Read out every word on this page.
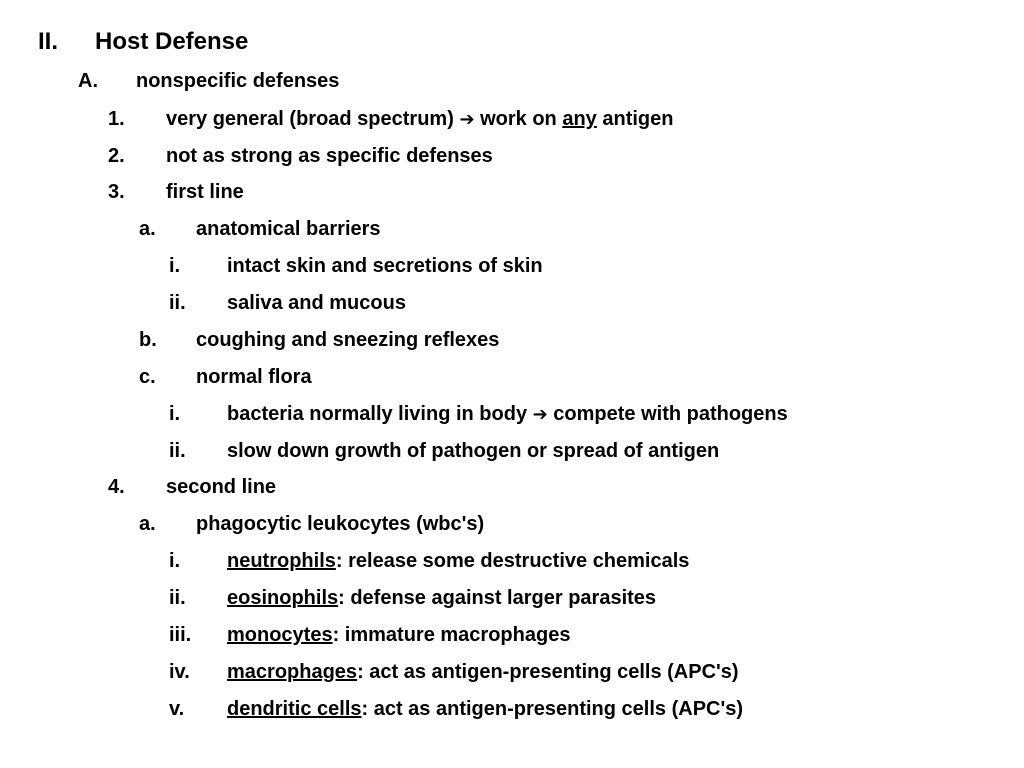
II. Host Defense
A. nonspecific defenses
1. very general (broad spectrum) ➔ work on any antigen
2. not as strong as specific defenses
3. first line
a. anatomical barriers
i. intact skin and secretions of skin
ii. saliva and mucous
b. coughing and sneezing reflexes
c. normal flora
i. bacteria normally living in body ➔ compete with pathogens
ii. slow down growth of pathogen or spread of antigen
4. second line
a. phagocytic leukocytes (wbc's)
i. neutrophils: release some destructive chemicals
ii. eosinophils: defense against larger parasites
iii. monocytes: immature macrophages
iv. macrophages: act as antigen-presenting cells (APC's)
v. dendritic cells: act as antigen-presenting cells (APC's)
